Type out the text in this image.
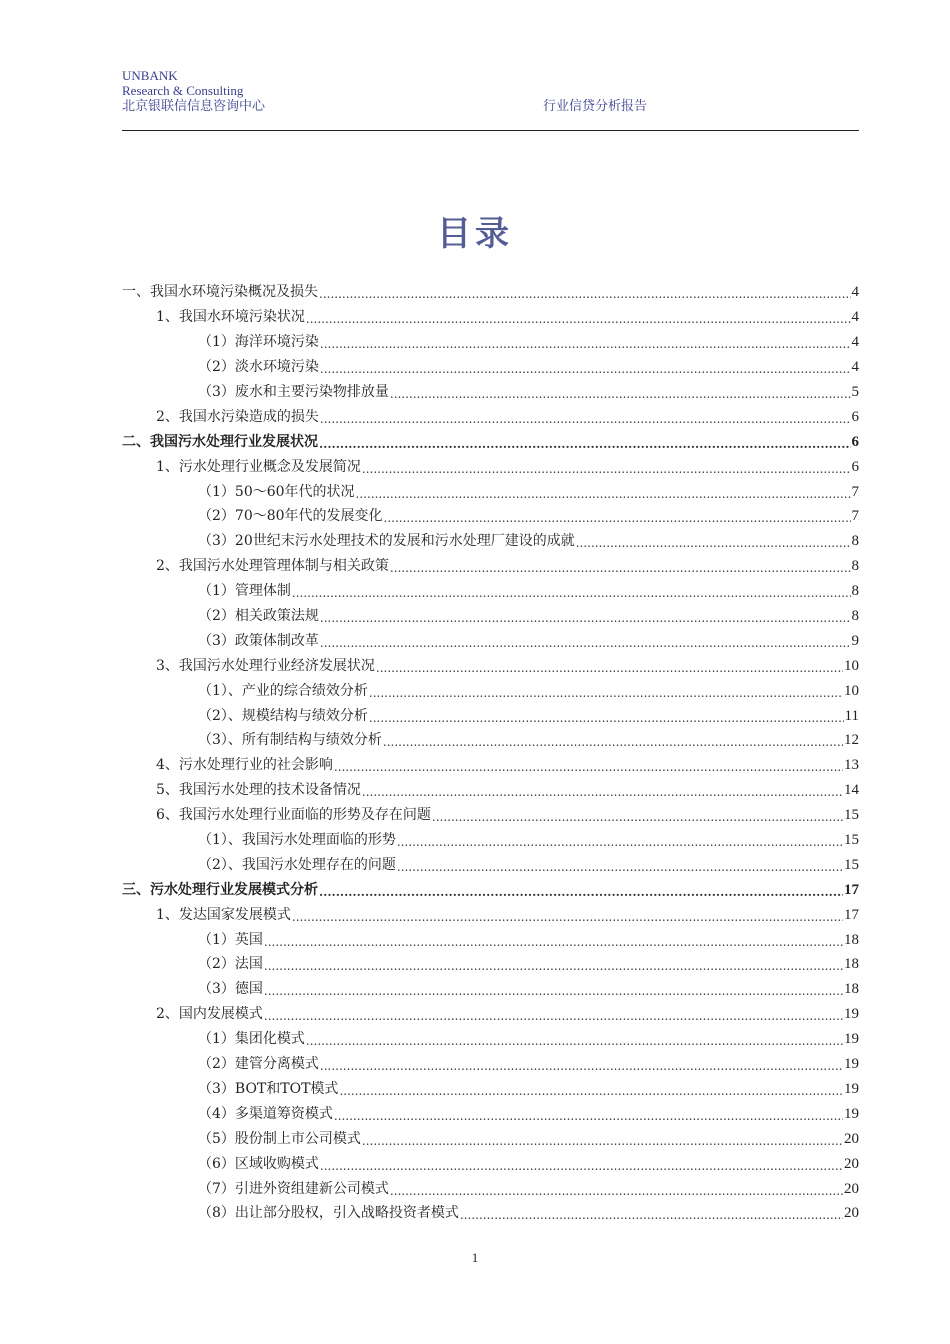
UNBANK
Research & Consulting
北京银联信信息咨询中心	行业信贷分析报告
目录
一、我国水环境污染概况及损失 .....	4
1、我国水环境污染状况 .....	4
（1）海洋环境污染 .....	4
（2）淡水环境污染 .....	4
（3）废水和主要污染物排放量 .....	5
2、我国水污染造成的损失 .....	6
二、我国污水处理行业发展状况 .....	6
1、污水处理行业概念及发展简况 .....	6
（1）50～60年代的状况 .....	7
（2）70～80年代的发展变化 .....	7
（3）20世纪末污水处理技术的发展和污水处理厂建设的成就 .....	8
2、我国污水处理管理体制与相关政策 .....	8
（1）管理体制 .....	8
（2）相关政策法规 .....	8
（3）政策体制改革 .....	9
3、我国污水处理行业经济发展状况 .....	10
（1）、产业的综合绩效分析 .....	10
（2）、规模结构与绩效分析 .....	11
（3）、所有制结构与绩效分析 .....	12
4、污水处理行业的社会影响 .....	13
5、我国污水处理的技术设备情况 .....	14
6、我国污水处理行业面临的形势及存在问题 .....	15
（1）、我国污水处理面临的形势 .....	15
（2）、我国污水处理存在的问题 .....	15
三、污水处理行业发展模式分析 .....	17
1、发达国家发展模式 .....	17
（1）英国 .....	18
（2）法国 .....	18
（3）德国 .....	18
2、国内发展模式 .....	19
（1）集团化模式 .....	19
（2）建管分离模式 .....	19
（3）BOT和TOT模式 .....	19
（4）多渠道筹资模式 .....	19
（5）股份制上市公司模式 .....	20
（6）区域收购模式 .....	20
（7）引进外资组建新公司模式 .....	20
（8）出让部分股权，引入战略投资者模式 .....	20
1
